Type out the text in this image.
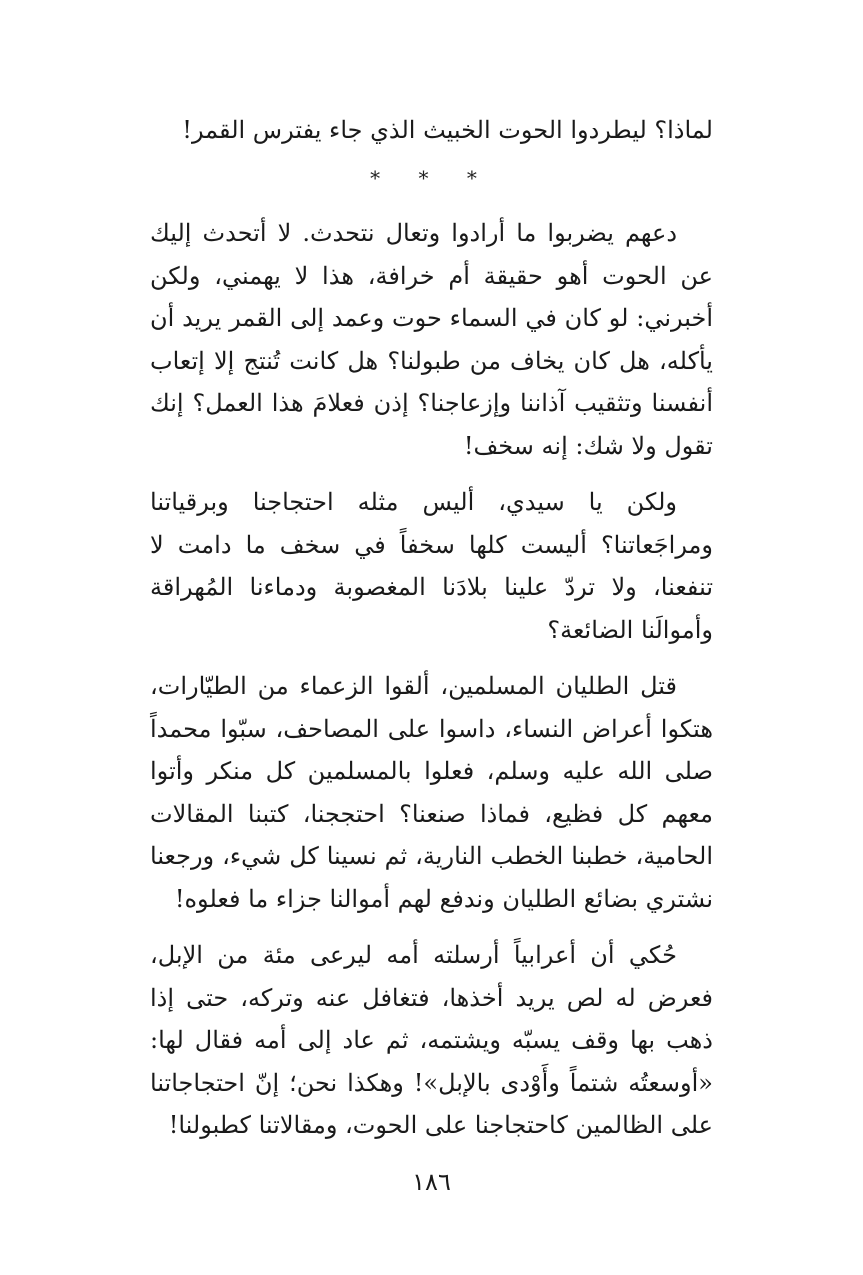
لماذا؟ ليطردوا الحوت الخبيث الذي جاء يفترس القمر!

* * *

دعهم يضربوا ما أرادوا وتعال نتحدث. لا أتحدث إليك عن الحوت أهو حقيقة أم خرافة، هذا لا يهمني، ولكن أخبرني: لو كان في السماء حوت وعمد إلى القمر يريد أن يأكله، هل كان يخاف من طبولنا؟ هل كانت تُنتج إلا إتعاب أنفسنا وتثقيب آذاننا وإزعاجنا؟ إذن فعلامَ هذا العمل؟ إنك تقول ولا شك: إنه سخف!

ولكن يا سيدي، أليس مثله احتجاجنا وبرقياتنا ومراجَعاتنا؟ أليست كلها سخفاً في سخف ما دامت لا تنفعنا، ولا تردّ علينا بلادَنا المغصوبة ودماءنا المُهراقة وأموالَنا الضائعة؟

قتل الطليان المسلمين، ألقوا الزعماء من الطيّارات، هتكوا أعراض النساء، داسوا على المصاحف، سبّوا محمداً صلى الله عليه وسلم، فعلوا بالمسلمين كل منكر وأتوا معهم كل فظيع، فماذا صنعنا؟ احتججنا، كتبنا المقالات الحامية، خطبنا الخطب النارية، ثم نسينا كل شيء، ورجعنا نشتري بضائع الطليان وندفع لهم أموالنا جزاء ما فعلوه!

حُكي أن أعرابياً أرسلته أمه ليرعى مئة من الإبل، فعرض له لص يريد أخذها، فتغافل عنه وتركه، حتى إذا ذهب بها وقف يسبّه ويشتمه، ثم عاد إلى أمه فقال لها: «أوسعتُه شتماً وأَوْدى بالإبل»! وهكذا نحن؛ إنّ احتجاجاتنا على الظالمين كاحتجاجنا على الحوت، ومقالاتنا كطبولنا!

١٨٦
